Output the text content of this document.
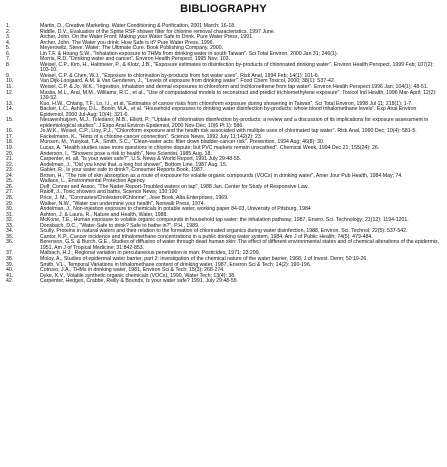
BIBLIOGRAPHY
1.	Martin, D., Creative Marketing. Water Conditioning & Purification, 2001 March: 16-18.
2.	Riddle, D.V., Evaluation of the Sprite RSF shower filter for chlorine removal characteristics. 1997 June.
3.	Archer, John. On the Water Front: Making your Water Safe to Drink. Pure Water Press, 1991.
4.	Archer, John. The Water you drink: How Safe is it? Pure Water Press, 1996.
5.	Meyerowitz, Steve. Water: The Ultimate Cure. Book Publishing Company, 2000.
6.	Lin T.F. & Hoang S.W., "Inhalation exposure to THMs from drinking water in south Taiwan". Sci Total Environ, 2000 Jan 31; 246(1).
7.	Morris, R.D. "Drinking water and cancer". Environ Health Perspect, 1995 Nov; 103.
8.	Weisel, C.P., Kim, H., Haltmeier, P., & Klotz, J.B., "Exposure estimates to disinfection by-products of chlorinated drinking water". Environ Health Perspect, 1999 Feb; 107(2): 103-10.
9.	Weisel, C.P. & Chen, W.J., "Exposure to chlorination by-products from hot water uses". Risk Anal, 1994 Feb; 14(1): 101-6.
10.	Van Dijk-Looijaard, A.M. & Van Genderen, J., "Levels of exposure from drinking water". Food Chem Toxicol, 2000; 38(1): S37-42.
11.	Weisel, C.P. & Jo, W.K., "Ingestion, inhalation and dermal exposures to chloroform and trichloroethene from tap water". Environ Health Perspect 1996 Jan; 104(1): 48-51.
12.	Maslia, M.L., Aral, M.M., Williams, R.C., et al., "Use of computational models to reconstruct and predict trichloroethylene exposure". Toxicol Ind Health, 1996 Mar-April; 12(2): 139-52.
13.	Kuo, H.W., Chiang, T.F., Lo, I.I., et al, "Estimates of cancer risks from chloroform exposure during showering in Taiwan". Sci Total Environ, 1998 Jul 11; 218(1): 1-7.
14.	Backer, L.C., Ashley, D.L., Bonin, M.A., et al. "Household exposures to drinking water disinfection by-products: whole blood trihalomethane levels". Exp Anal Environ Epidemiol, 2000 Jul-Aug; 10(4): 321-6.
15.	Nieuwenhuijsen, M.J., Toledano, M.B., Elliott, P., "Uptake of chlorination disinfection by-products; a review and a discussion of its implications for exposure assessment in epidemiological studies". J Expo Anal Environ Epidemiol, 2000 Nov-Dec; 10(6 Pt 1): 586.
16.	Jo,W.K., Weisel, C.P., Lioy, P.J., "Chloroform exposure and the health risk associated with multiple uses of chlorinated tap water". Risk Anal, 1990 Dec; 10(4): 581-5.
17.	Fackelmann, K., "Hints of a chlorine-cancer connection". Science News, 1992 July 11;142(2): 23.
18.	Munson, M., Yueykat, T.A., Smith, S.C., "Clean-water acts: filter down bladder-cancer risk". Prevention, 1994 Aug; 46(8): 30.
19.	Lucas, A. "Health studies raise more questions in chlorine dispute; but PVC markets remain unscathed". Chemical Week, 1994 Dec 21; 155(24): 26.
20.	Anderson, I., "Showers pose a risk to health", New Scientist, 1985 Aug. 18.
21.	Carpenter, et. all, "Is your water safe?", U.S. News & World Report, 1991 July 29:48-55.
22.	Andelman, J., "Did you know that..a long hot shower", Bottom Line, 1987 Aug. 15.
23.	Gabler, R., Is your water safe to drink?, Consumer Reports Book, 1987.
24.	Brown, H., "The role of skin absorption as a route of exposure for volatile organic compounds (VOCs) in drinking water", Amer Jour Pub Health, 1984 May; 74.
25.	Wallace, L., Environmental Protection Agency.
26.	Duff, Conner and Assoc. "The Nader Report-Troubled waters on tap", 1988 Jan. Center for Study of Responsive Law.
27.	Raloff, J., Toxic showers and baths, Science News; 130:190
28.	Price, J. M., "Coronaries/Cholesterol/Chlorine", Jove Book, Alta Enterprises, 1969.
29.	Walker, N.W., "Water can undermine your health", Norwalk Press, 1974.
30.	Andelman, J., Non-injestion exposure to chemicals in potable water, working paper 84-03, University of Pitsburg, 1984
31.	Ashton, J. & Laura, R., Nature and Health, Water, 1988.
32.	McKone, T.E., Human exposure to volatile organic compounds in household tap water: the inhalation pathway, 1987, Enviro. Sci. Technology; 21(12): 1194-1201.
33.	Donsbach, D.C., "Water-Safe to drink? Safe to bathe in?", P.H., 1989.
34.	Scully, Proteins in natural waters and their relation to the formation of chlorinated organics during water disinfection, 1988, Environ. Sci. Technol; 22(5): 537-542.
35.	Cantor, K.P., Cancer incidence and trihalomethane concentrations in a public drinking water system, 1984, Am J of Public Health; 74(5): 479-484.
36.	Berenson, G.S. & Burch, G.E., Studies of diffusion of water through dead human skin: The effect of different environmental states and of chemical alterations of the epidermis, 1951, Am J of Tropical Medicine; 31:842-853.
37.	Malbach, H.J., Regional variation in percutaneous penetration in man: Pesticides, 1971; 23:209.
38.	Moloy, A., Studies of epidermal water barrier, part 2: investigation of the chemical nature of the water barrier, 1968, J of Invest. Derm; 50:19-26.
39.	Smith, V.L., Temporal Variations in trihalomethane content of drinking water, 1987, Environ Sci & Tech; 14(2): 190-196.
40.	Cotruvo, J.A., THMs in drinking water, 1981, Environ Sci & Tech; 15(3): 268-274.
41.	Dyke, K.V., Volatile synthetic organic chemicals (VOCs), 1990, Water Tech; 13(4): 38.
42.	Carpenter, Hedges, Crabbe, Reilly & Bounds, Is your water safe? 1991, July 29:48-55.
